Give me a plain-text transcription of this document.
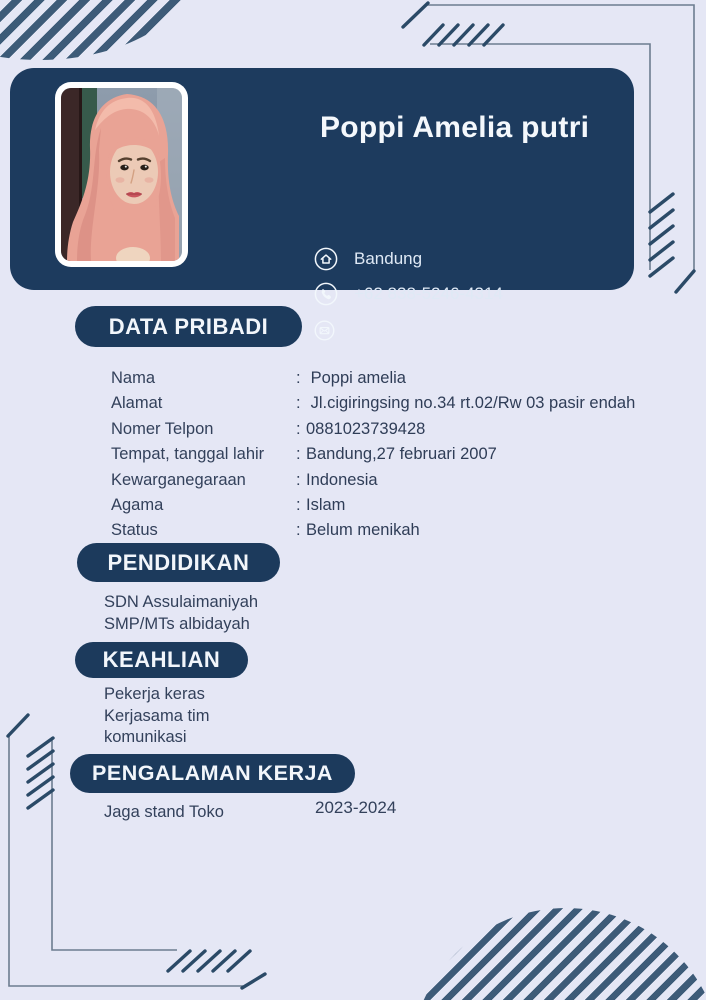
Poppi Amelia putri
Bandung
+62 838-5246-4314
DATA PRIBADI
Nama	: Poppi amelia
Alamat	: Jl.cigiringsing no.34 rt.02/Rw 03 pasir endah
Nomer Telpon	: 0881023739428
Tempat, tanggal lahir	: Bandung,27 februari 2007
Kewarganegaraan	: Indonesia
Agama	: Islam
Status	: Belum menikah
PENDIDIKAN
SDN Assulaimaniyah
SMP/MTs albidayah
KEAHLIAN
Pekerja keras
Kerjasama tim
komunikasi
PENGALAMAN KERJA
Jaga stand Toko	2023-2024
